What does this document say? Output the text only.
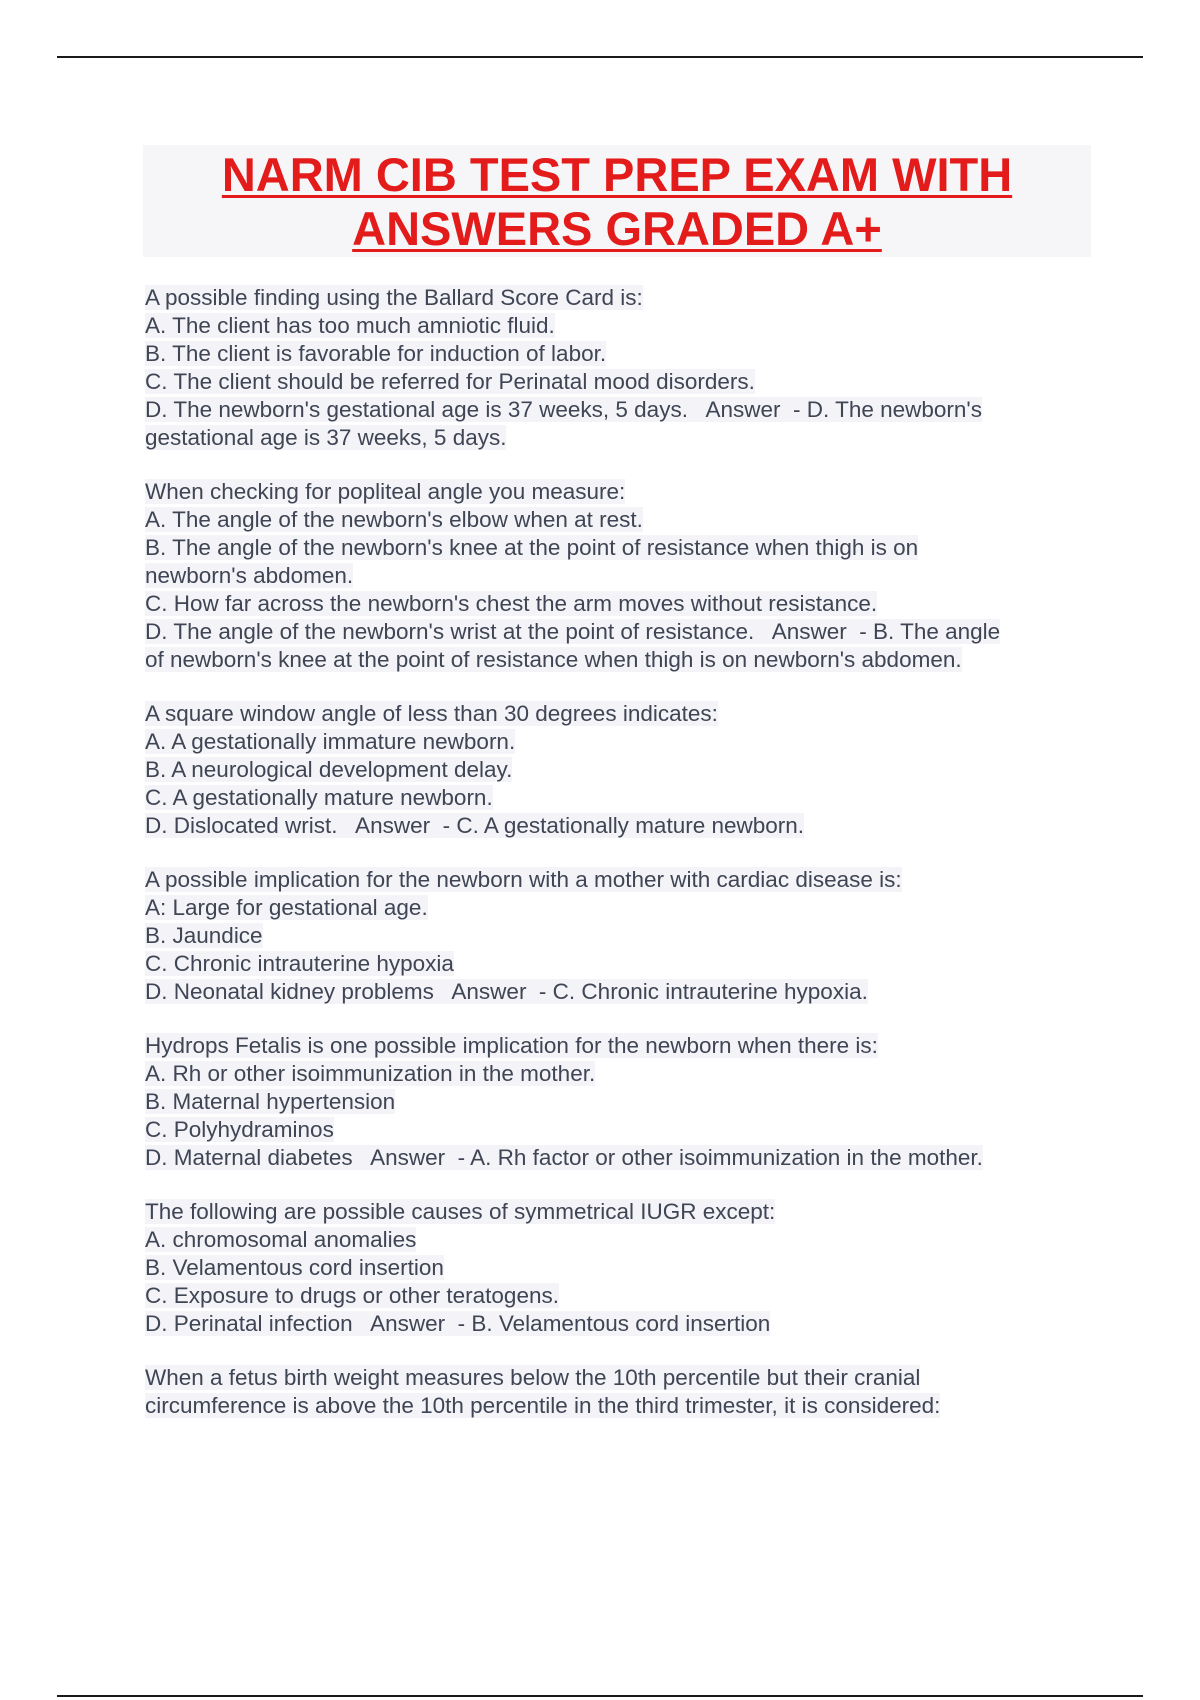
NARM CIB TEST PREP EXAM WITH
ANSWERS GRADED A+
A possible finding using the Ballard Score Card is:
A. The client has too much amniotic fluid.
B. The client is favorable for induction of labor.
C. The client should be referred for Perinatal mood disorders.
D. The newborn's gestational age is 37 weeks, 5 days.   Answer  - D. The newborn's
gestational age is 37 weeks, 5 days.
When checking for popliteal angle you measure:
A. The angle of the newborn's elbow when at rest.
B. The angle of the newborn's knee at the point of resistance when thigh is on
newborn's abdomen.
C. How far across the newborn's chest the arm moves without resistance.
D. The angle of the newborn's wrist at the point of resistance.   Answer  - B. The angle
of newborn's knee at the point of resistance when thigh is on newborn's abdomen.
A square window angle of less than 30 degrees indicates:
A. A gestationally immature newborn.
B. A neurological development delay.
C. A gestationally mature newborn.
D. Dislocated wrist.   Answer  - C. A gestationally mature newborn.
A possible implication for the newborn with a mother with cardiac disease is:
A: Large for gestational age.
B. Jaundice
C. Chronic intrauterine hypoxia
D. Neonatal kidney problems   Answer  - C. Chronic intrauterine hypoxia.
Hydrops Fetalis is one possible implication for the newborn when there is:
A. Rh or other isoimmunization in the mother.
B. Maternal hypertension
C. Polyhydraminos
D. Maternal diabetes   Answer  - A. Rh factor or other isoimmunization in the mother.
The following are possible causes of symmetrical IUGR except:
A. chromosomal anomalies
B. Velamentous cord insertion
C. Exposure to drugs or other teratogens.
D. Perinatal infection   Answer  - B. Velamentous cord insertion
When a fetus birth weight measures below the 10th percentile but their cranial
circumference is above the 10th percentile in the third trimester, it is considered:
